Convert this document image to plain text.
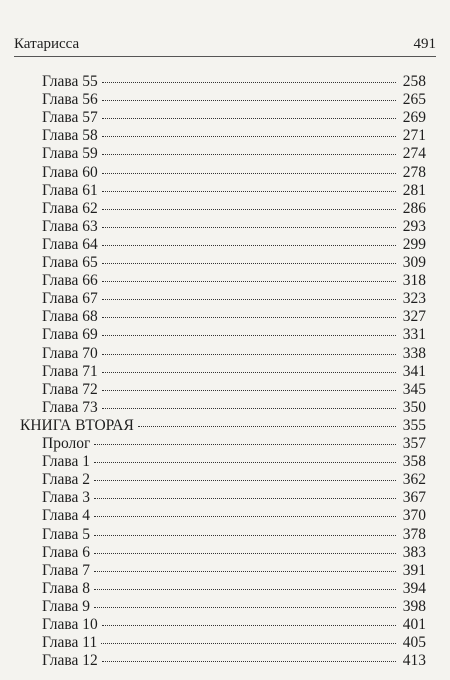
Катарисса	491
Глава 55	258
Глава 56	265
Глава 57	269
Глава 58	271
Глава 59	274
Глава 60	278
Глава 61	281
Глава 62	286
Глава 63	293
Глава 64	299
Глава 65	309
Глава 66	318
Глава 67	323
Глава 68	327
Глава 69	331
Глава 70	338
Глава 71	341
Глава 72	345
Глава 73	350
КНИГА ВТОРАЯ	355
Пролог	357
Глава 1	358
Глава 2	362
Глава 3	367
Глава 4	370
Глава 5	378
Глава 6	383
Глава 7	391
Глава 8	394
Глава 9	398
Глава 10	401
Глава 11	405
Глава 12	413
